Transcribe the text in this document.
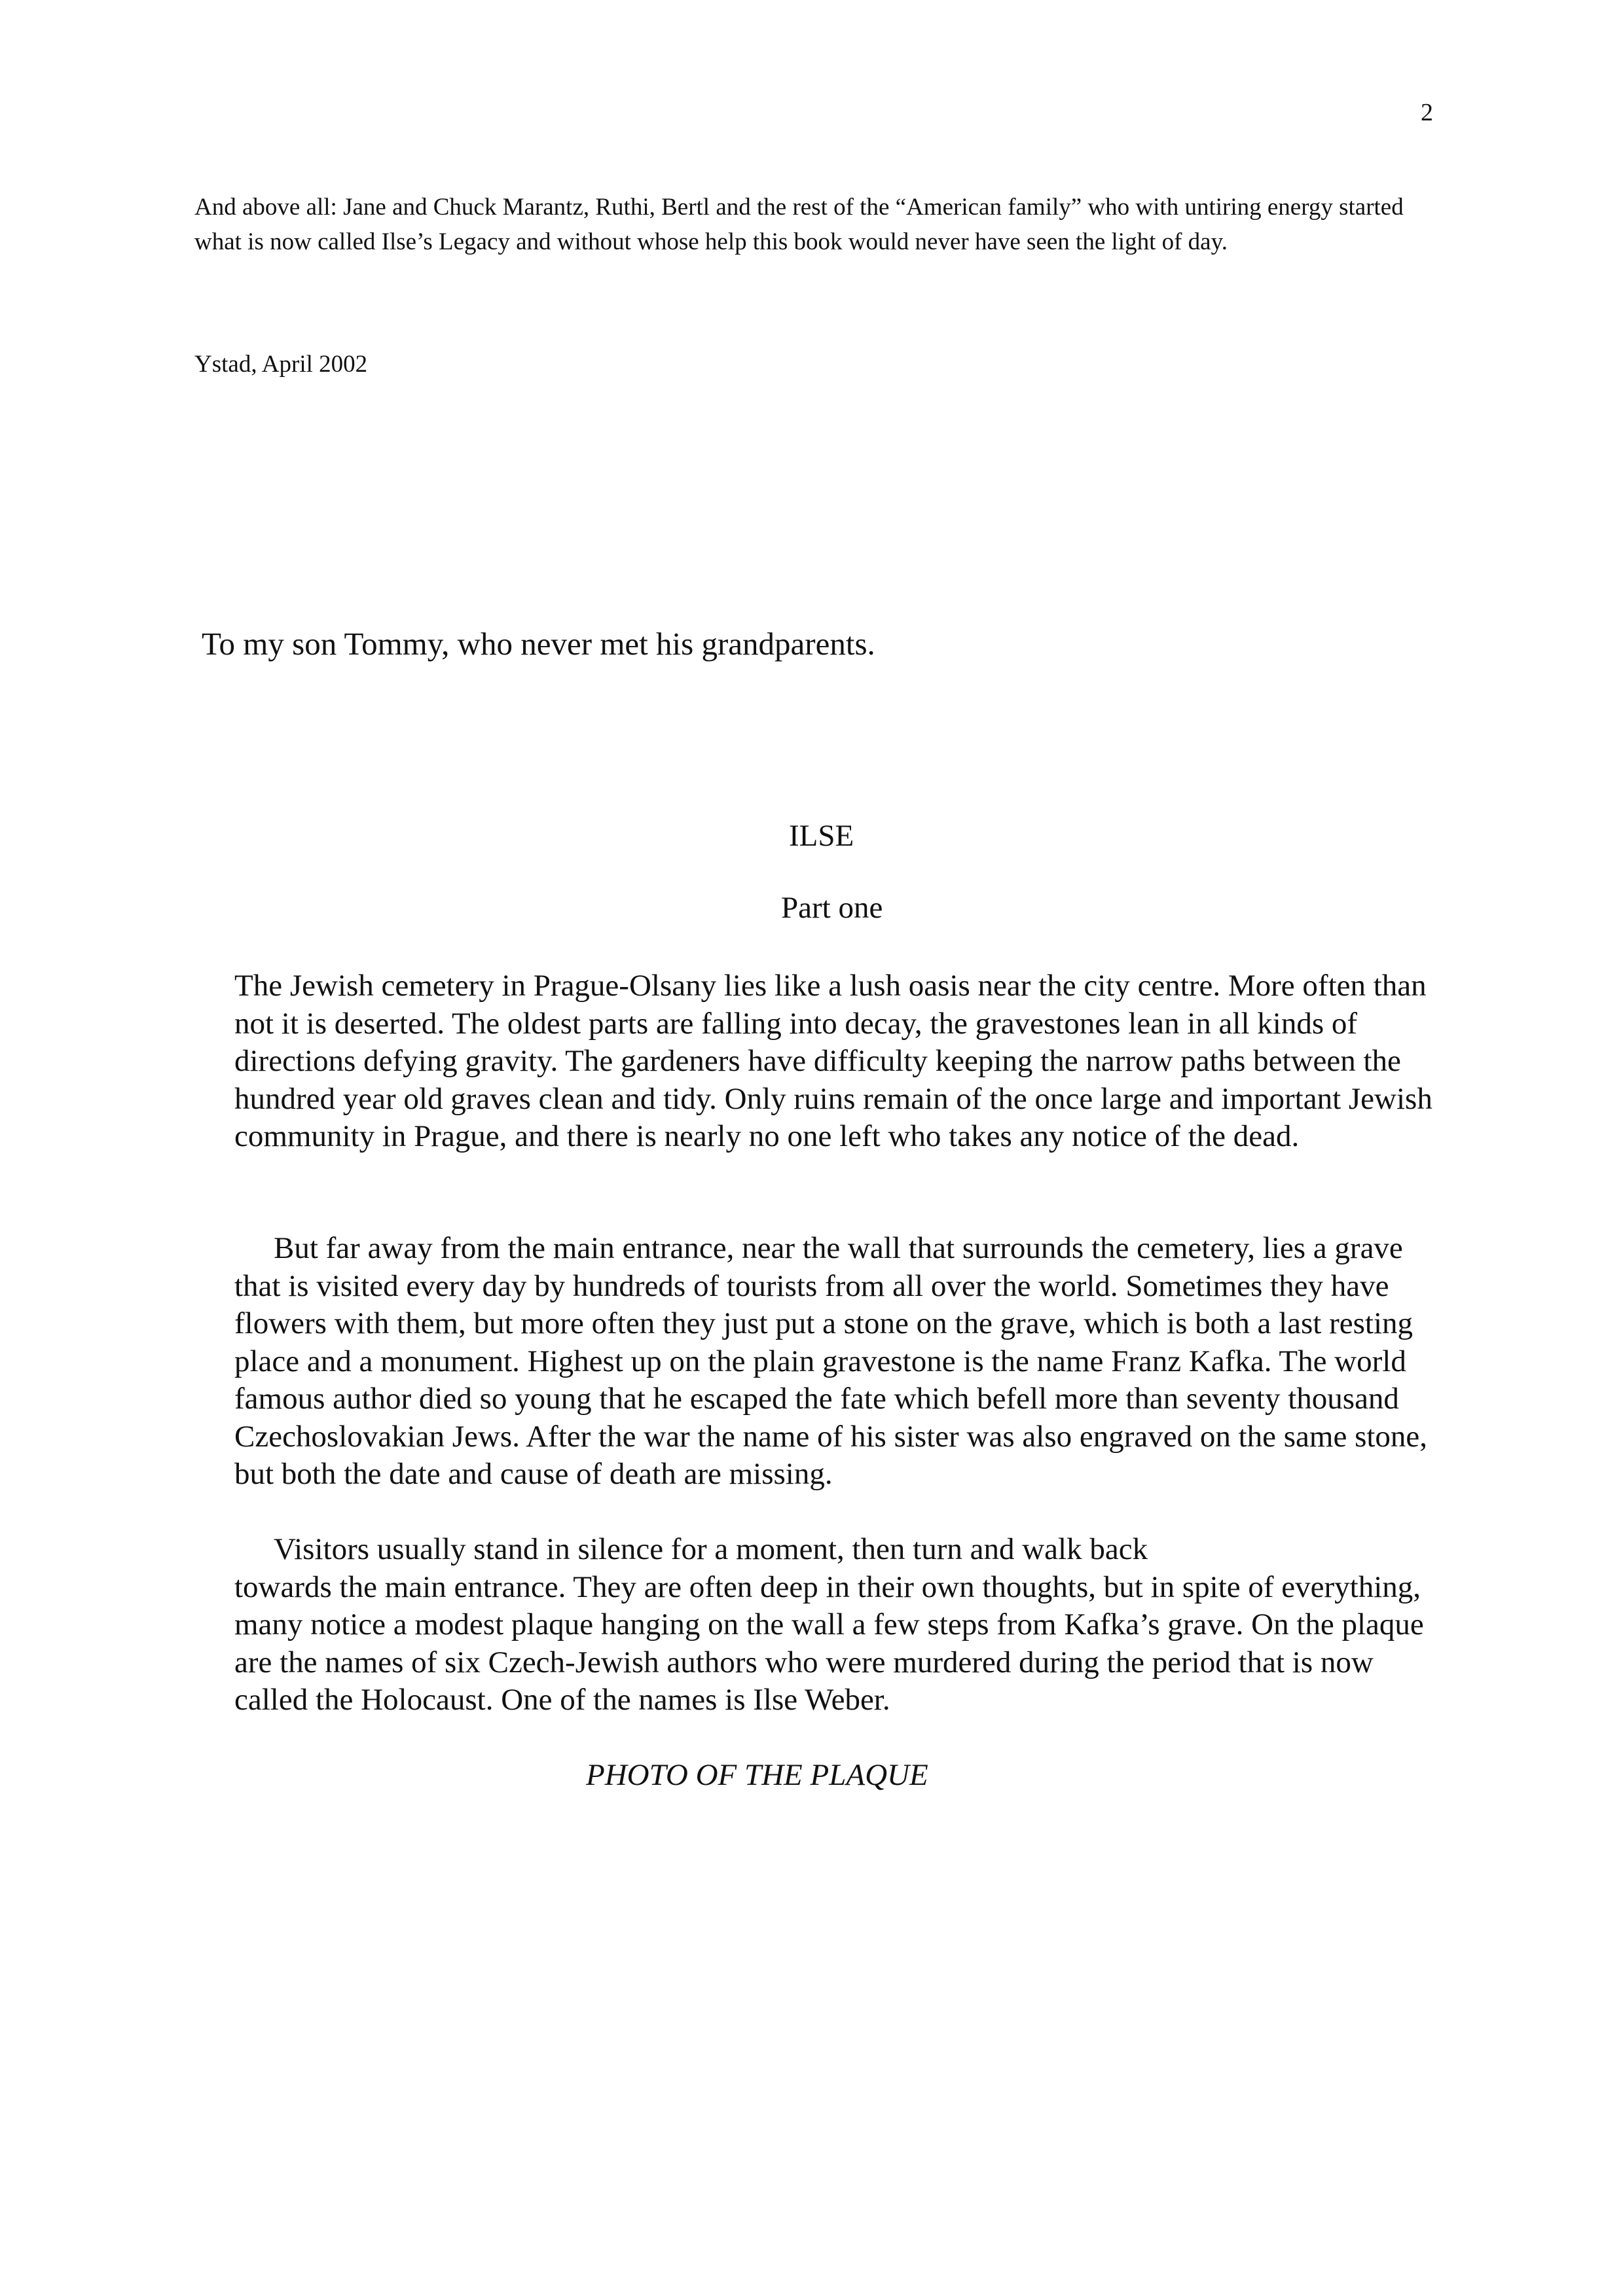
2

And above all: Jane and Chuck Marantz, Ruthi, Bertl and the rest of the “American family” who with untiring energy started what is now called Ilse’s Legacy and without whose help this book would never have seen the light of day.

Ystad, April 2002

To my son Tommy, who never met his grandparents.

ILSE
Part one

The Jewish cemetery in Prague-Olsany lies like a lush oasis near the city centre. More often than not it is deserted. The oldest parts are falling into decay, the gravestones lean in all kinds of directions defying gravity. The gardeners have difficulty keeping the narrow paths between the hundred year old graves clean and tidy. Only ruins remain of the once large and important Jewish community in Prague, and there is nearly no one left who takes any notice of the dead.

But far away from the main entrance, near the wall that surrounds the cemetery, lies a grave that is visited every day by hundreds of tourists from all over the world. Sometimes they have flowers with them, but more often they just put a stone on the grave, which is both a last resting place and a monument. Highest up on the plain gravestone is the name Franz Kafka. The world famous author died so young that he escaped the fate which befell more than seventy thousand Czechoslovakian Jews. After the war the name of his sister was also engraved on the same stone, but both the date and cause of death are missing.

Visitors usually stand in silence for a moment, then turn and walk back
towards the main entrance. They are often deep in their own thoughts, but in spite of everything, many notice a modest plaque hanging on the wall a few steps from Kafka’s grave. On the plaque are the names of six Czech-Jewish authors who were murdered during the period that is now called the Holocaust. One of the names is Ilse Weber.

PHOTO OF THE PLAQUE
